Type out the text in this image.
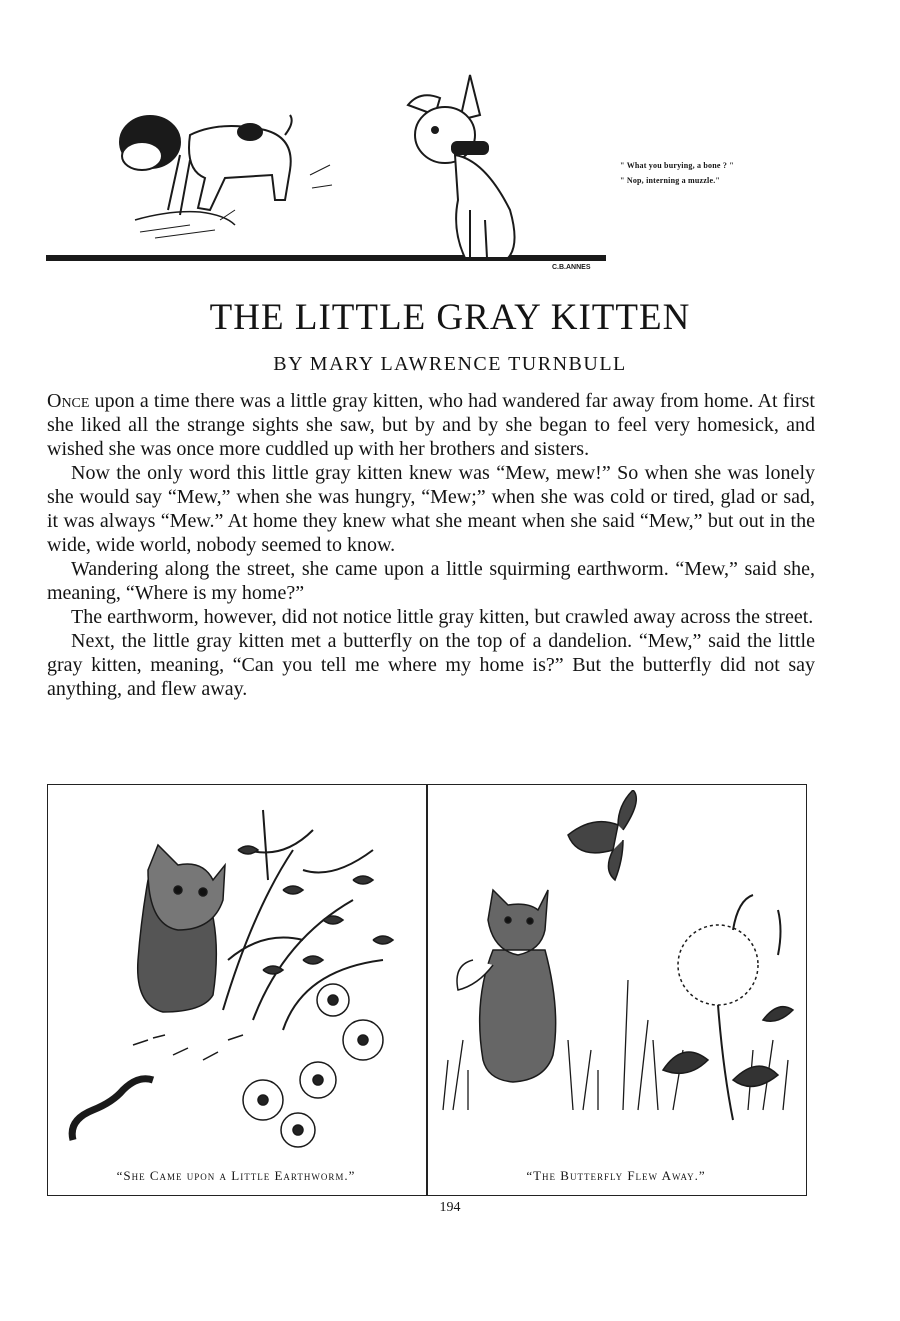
C.B.ANNES
" What you burying, a bone ? "
" Nop, interning a muzzle."
THE LITTLE GRAY KITTEN
BY MARY LAWRENCE TURNBULL

Once upon a time there was a little gray kitten, who had wandered far away from home. At first she liked all the strange sights she saw, but by and by she began to feel very homesick, and wished she was once more cuddled up with her brothers and sisters.

Now the only word this little gray kitten knew was “Mew, mew!” So when she was lonely she would say “Mew,” when she was hungry, “Mew;” when she was cold or tired, glad or sad, it was always “Mew.” At home they knew what she meant when she said “Mew,” but out in the wide, wide world, nobody seemed to know.

Wandering along the street, she came upon a little squirming earthworm. “Mew,” said she, meaning, “Where is my home?”

The earthworm, however, did not notice little gray kitten, but crawled away across the street.

Next, the little gray kitten met a butterfly on the top of a dandelion. “Mew,” said the little gray kitten, meaning, “Can you tell me where my home is?” But the butterfly did not say anything, and flew away.

“She Came upon a Little Earthworm.”	“The Butterfly Flew Away.”
194
